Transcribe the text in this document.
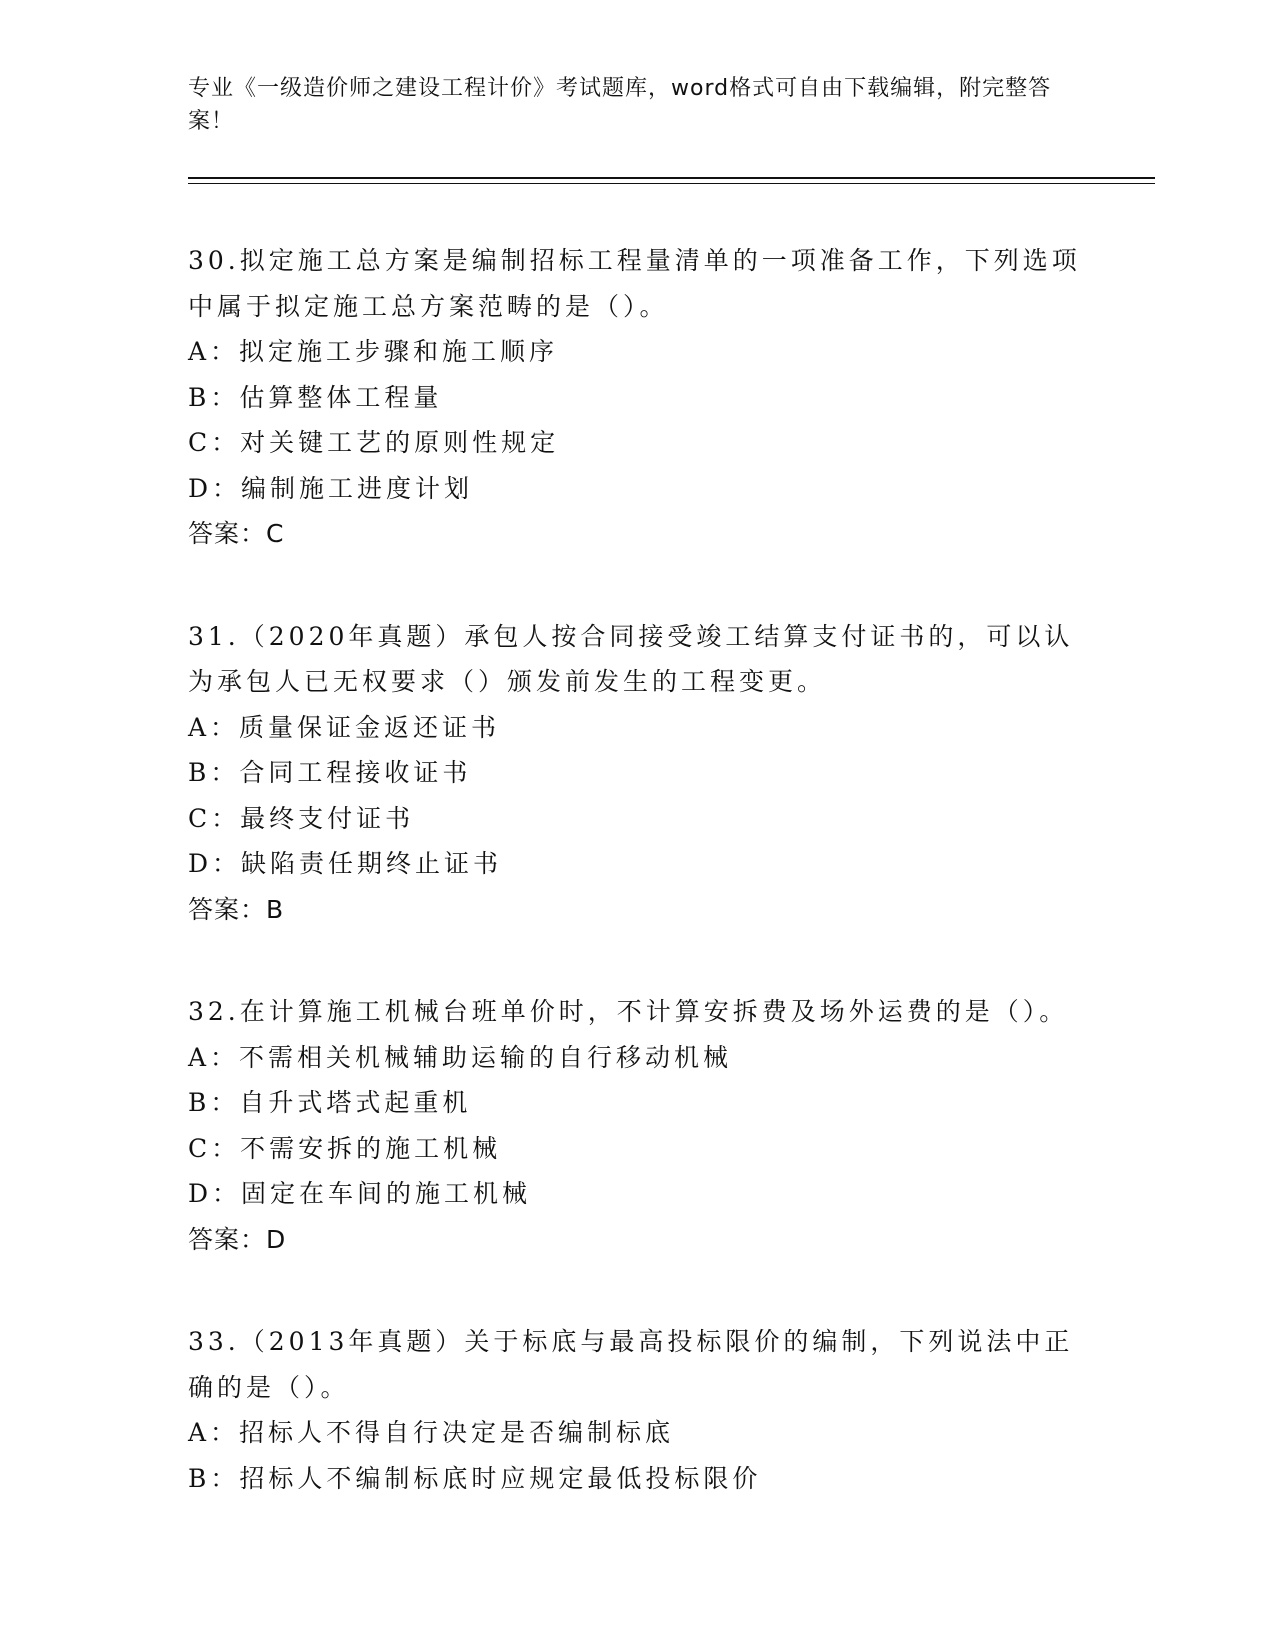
专业《一级造价师之建设工程计价》考试题库，word格式可自由下载编辑，附完整答案！
30.拟定施工总方案是编制招标工程量清单的一项准备工作，下列选项中属于拟定施工总方案范畴的是（）。
A：拟定施工步骤和施工顺序
B：估算整体工程量
C：对关键工艺的原则性规定
D：编制施工进度计划
答案：C
31.（2020年真题）承包人按合同接受竣工结算支付证书的，可以认为承包人已无权要求（）颁发前发生的工程变更。
A：质量保证金返还证书
B：合同工程接收证书
C：最终支付证书
D：缺陷责任期终止证书
答案：B
32.在计算施工机械台班单价时，不计算安拆费及场外运费的是（）。
A：不需相关机械辅助运输的自行移动机械
B：自升式塔式起重机
C：不需安拆的施工机械
D：固定在车间的施工机械
答案：D
33.（2013年真题）关于标底与最高投标限价的编制，下列说法中正确的是（）。
A：招标人不得自行决定是否编制标底
B：招标人不编制标底时应规定最低投标限价
